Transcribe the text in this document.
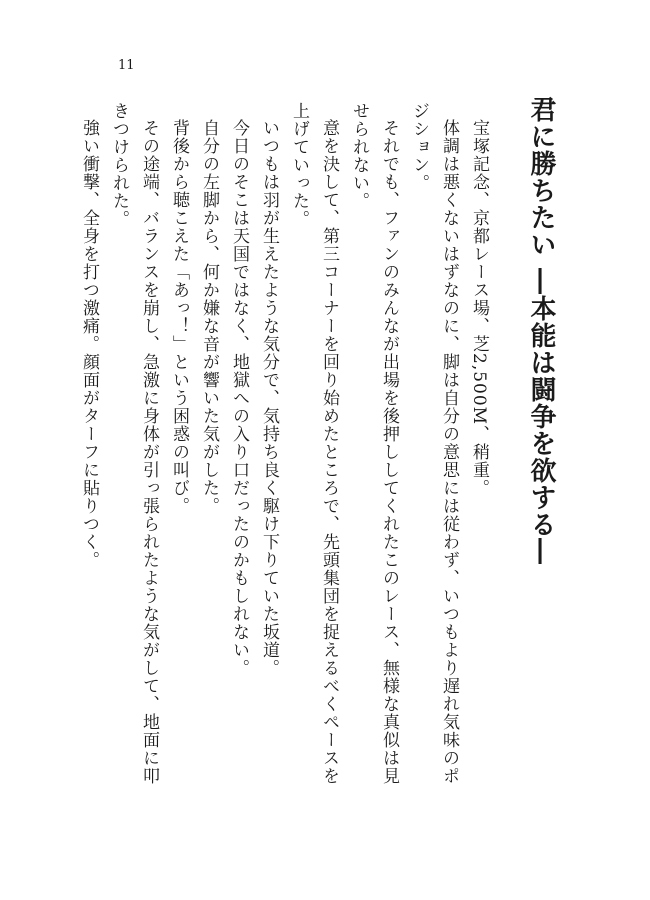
11
君に勝ちたい ―本能は闘争を欲する―

宝塚記念、京都レース場、芝2,500M、稍重。

体調は悪くないはずなのに、脚は自分の意思には従わず、いつもより遅れ気味のポジション。

それでも、ファンのみんなが出場を後押ししてくれたこのレース、無様な真似は見せられない。

意を決して、第三コーナーを回り始めたところで、先頭集団を捉えるべくペースを上げていった。

いつもは羽が生えたような気分で、気持ち良く駆け下りていた坂道。

今日のそこは天国ではなく、地獄への入り口だったのかもしれない。

自分の左脚から、何か嫌な音が響いた気がした。

背後から聴こえた「あっ！」という困惑の叫び。

その途端、バランスを崩し、急激に身体が引っ張られたような気がして、地面に叩きつけられた。

強い衝撃、全身を打つ激痛。顔面がターフに貼りつく。
